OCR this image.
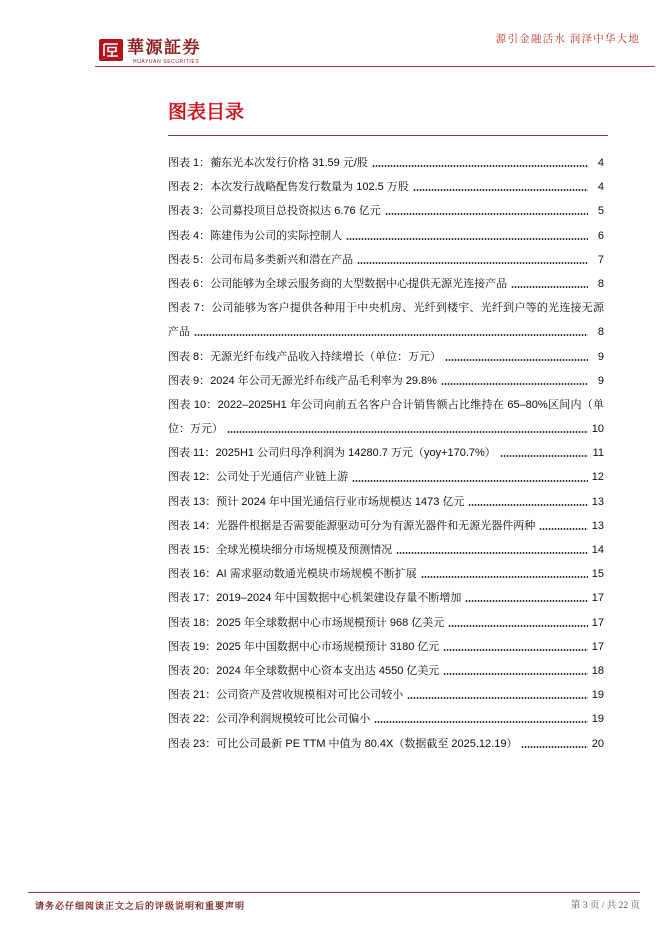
華源証券
HUAYUAN SECURITIES
源引金融活水 润泽中华大地
图表目录
图表 1： 蘅东光本次发行价格 31.59 元/股	4
图表 2： 本次发行战略配售发行数量为 102.5 万股	4
图表 3： 公司募投项目总投资拟达 6.76 亿元	5
图表 4： 陈建伟为公司的实际控制人	6
图表 5： 公司布局多类新兴和潜在产品	7
图表 6： 公司能够为全球云服务商的大型数据中心提供无源光连接产品	8
图表 7：公司能够为客户提供各种用于中央机房、光纤到楼宇、光纤到户等的光连接无源
产品	8
图表 8： 无源光纤布线产品收入持续增长（单位：万元）	9
图表 9： 2024 年公司无源光纤布线产品毛利率为 29.8%	9
图表 10：2022–2025H1 年公司向前五名客户合计销售额占比维持在 65–80%区间内（单
位：万元）	10
图表 11： 2025H1 公司归母净利润为 14280.7 万元（yoy+170.7%）	11
图表 12： 公司处于光通信产业链上游	12
图表 13： 预计 2024 年中国光通信行业市场规模达 1473 亿元	13
图表 14： 光器件根据是否需要能源驱动可分为有源光器件和无源光器件两种	13
图表 15： 全球光模块细分市场规模及预测情况	14
图表 16： AI 需求驱动数通光模块市场规模不断扩展	15
图表 17： 2019–2024 年中国数据中心机架建设存量不断增加	17
图表 18： 2025 年全球数据中心市场规模预计 968 亿美元	17
图表 19： 2025 年中国数据中心市场规模预计 3180 亿元	17
图表 20： 2024 年全球数据中心资本支出达 4550 亿美元	18
图表 21： 公司资产及营收规模相对可比公司较小	19
图表 22： 公司净利润规模较可比公司偏小	19
图表 23： 可比公司最新 PE TTM 中值为 80.4X（数据截至 2025.12.19）	20
请务必仔细阅读正文之后的评级说明和重要声明	第 3 页 / 共 22 页
